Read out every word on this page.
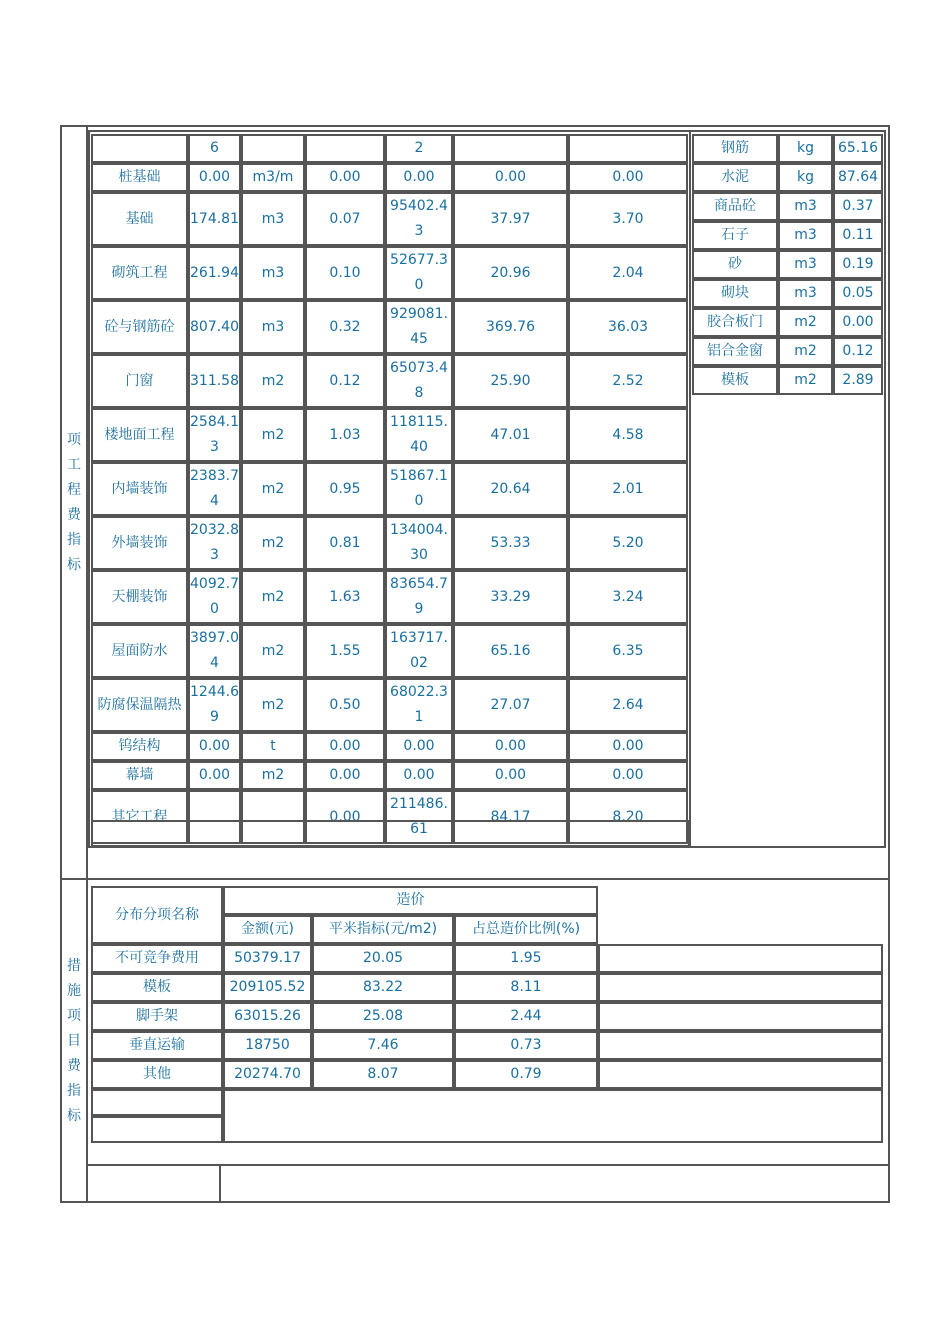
项
工
程
费
指
标
措
施
项
目
费
指
标
	6			2		
桩基础	0.00	m3/m	0.00	0.00	0.00	0.00
基础	174.81	m3	0.07	95402.43	37.97	3.70
砌筑工程	261.94	m3	0.10	52677.30	20.96	2.04
砼与钢筋砼	807.40	m3	0.32	929081.45	369.76	36.03
门窗	311.58	m2	0.12	65073.48	25.90	2.52
楼地面工程	2584.13	m2	1.03	118115.40	47.01	4.58
内墙装饰	2383.74	m2	0.95	51867.10	20.64	2.01
外墙装饰	2032.83	m2	0.81	134004.30	53.33	5.20
天棚装饰	4092.70	m2	1.63	83654.79	33.29	3.24
屋面防水	3897.04	m2	1.55	163717.02	65.16	6.35
防腐保温隔热	1244.69	m2	0.50	68022.31	27.07	2.64
钨结构	0.00	t	0.00	0.00	0.00	0.00
幕墙	0.00	m2	0.00	0.00	0.00	0.00
其它工程			0.00	211486.61	84.17	8.20
钢筋	kg	65.16
水泥	kg	87.64
商品砼	m3	0.37
石子	m3	0.11
砂	m3	0.19
砌块	m3	0.05
胶合板门	m2	0.00
铝合金窗	m2	0.12
模板	m2	2.89
分布分项名称	造价			
	金额(元)	平米指标(元/m2)	占总造价比例(%)	
不可竞争费用	50379.17	20.05	1.95	
模板	209105.52	83.22	8.11	
脚手架	63015.26	25.08	2.44	
垂直运输	18750	7.46	0.73	
其他	20274.70	8.07	0.79	
